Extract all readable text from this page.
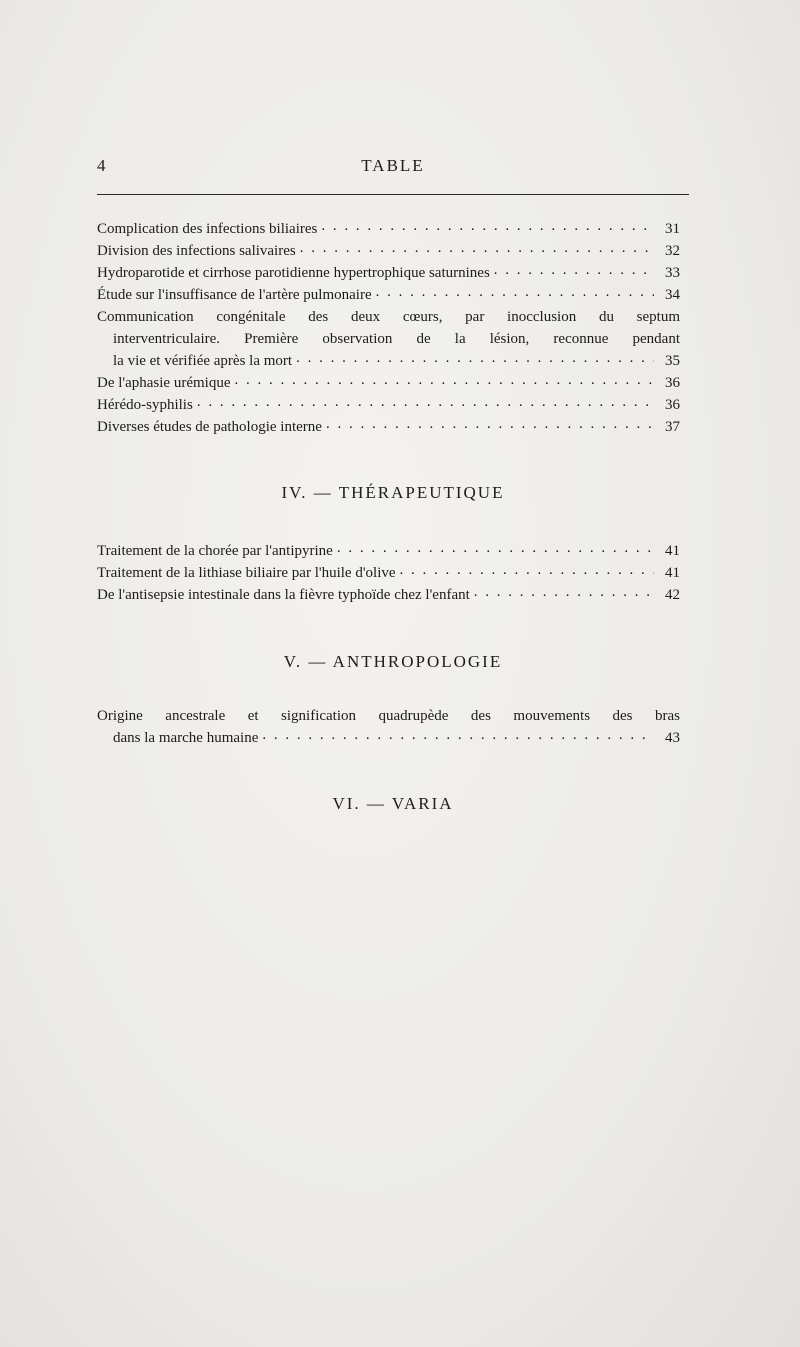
4	TABLE
Complication des infections biliaires . . .	31
Division des infections salivaires . . .	32
Hydroparotide et cirrhose parotidienne hypertrophique saturnines . . .	33
Étude sur l'insuffisance de l'artère pulmonaire . . .	34
Communication congénitale des deux cœurs, par inocclusion du septum
interventriculaire. Première observation de la lésion, reconnue pendant
la vie et vérifiée après la mort . . .	35
De l'aphasie urémique . . .	36
Hérédo-syphilis . . .	36
Diverses études de pathologie interne . . .	37
IV. — THÉRAPEUTIQUE
Traitement de la chorée par l'antipyrine . . .	41
Traitement de la lithiase biliaire par l'huile d'olive . . .	41
De l'antisepsie intestinale dans la fièvre typhoïde chez l'enfant . . .	42
V. — ANTHROPOLOGIE
Origine ancestrale et signification quadrupède des mouvements des bras
dans la marche humaine . . .	43
VI. — VARIA
